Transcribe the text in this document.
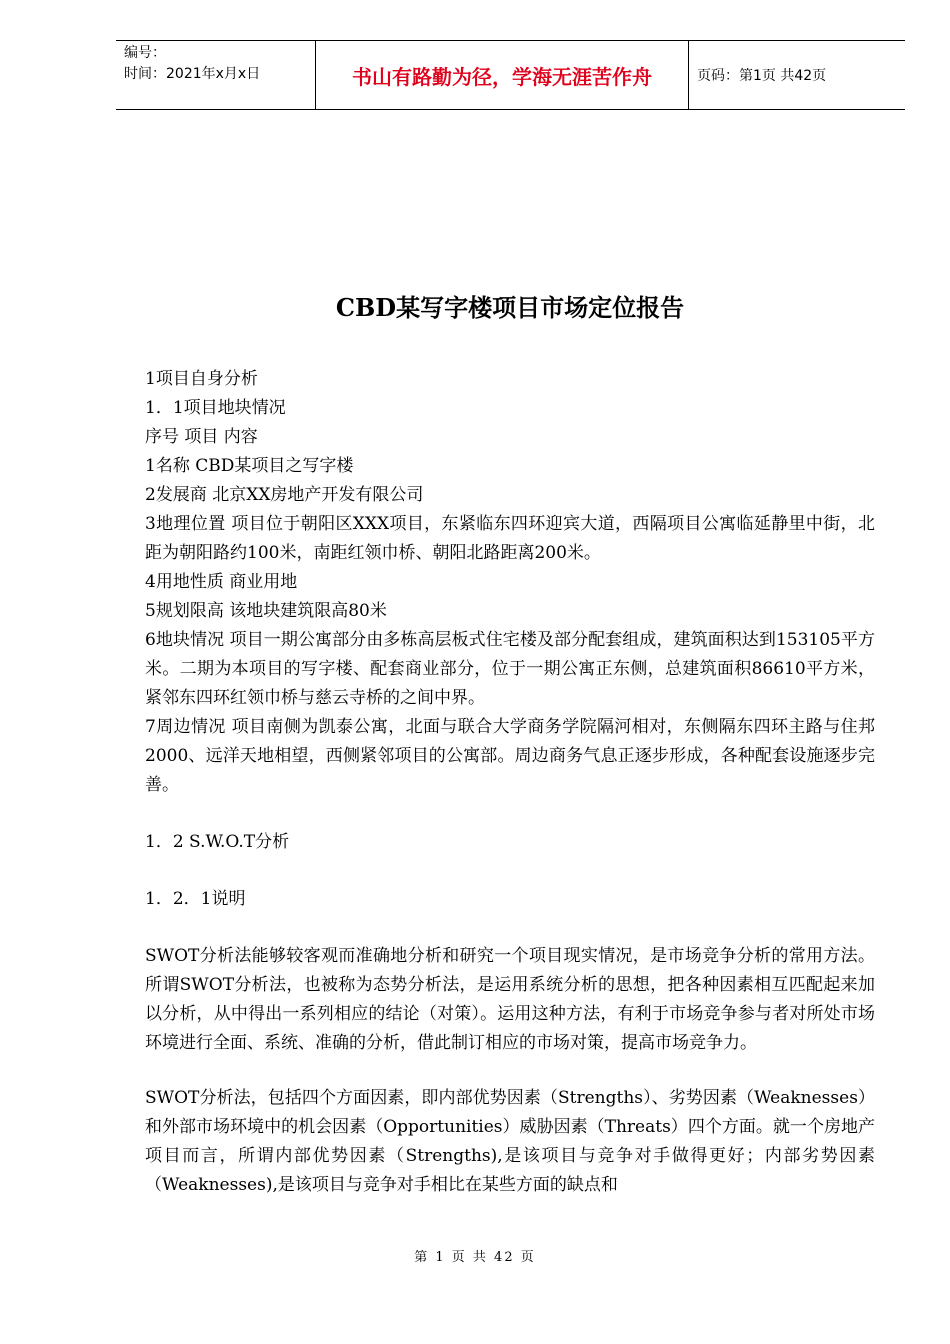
编号：
时间：2021年x月x日	书山有路勤为径，学海无涯苦作舟	页码：第1页 共42页
CBD某写字楼项目市场定位报告

1项目自身分析

1．1项目地块情况

序号 项目 内容

1名称 CBD某项目之写字楼

2发展商 北京XX房地产开发有限公司

3地理位置 项目位于朝阳区XXX项目，东紧临东四环迎宾大道，西隔项目公寓临延静里中街，北距为朝阳路约100米，南距红领巾桥、朝阳北路距离200米。

4用地性质 商业用地

5规划限高 该地块建筑限高80米

6地块情况 项目一期公寓部分由多栋高层板式住宅楼及部分配套组成，建筑面积达到153105平方米。二期为本项目的写字楼、配套商业部分，位于一期公寓正东侧，总建筑面积86610平方米，紧邻东四环红领巾桥与慈云寺桥的之间中界。

7周边情况 项目南侧为凯泰公寓，北面与联合大学商务学院隔河相对，东侧隔东四环主路与住邦2000、远洋天地相望，西侧紧邻项目的公寓部。周边商务气息正逐步形成，各种配套设施逐步完善。

1．2 S.W.O.T分析

1．2．1说明

SWOT分析法能够较客观而准确地分析和研究一个项目现实情况，是市场竞争分析的常用方法。所谓SWOT分析法，也被称为态势分析法，是运用系统分析的思想，把各种因素相互匹配起来加以分析，从中得出一系列相应的结论（对策）。运用这种方法，有利于市场竞争参与者对所处市场环境进行全面、系统、准确的分析，借此制订相应的市场对策，提高市场竞争力。

SWOT分析法，包括四个方面因素，即内部优势因素（Strengths）、劣势因素（Weaknesses）和外部市场环境中的机会因素（Opportunities）威胁因素（Threats）四个方面。就一个房地产项目而言，所谓内部优势因素（Strengths),是该项目与竞争对手做得更好；内部劣势因素（Weaknesses),是该项目与竞争对手相比在某些方面的缺点和

第 1 页 共 42 页
